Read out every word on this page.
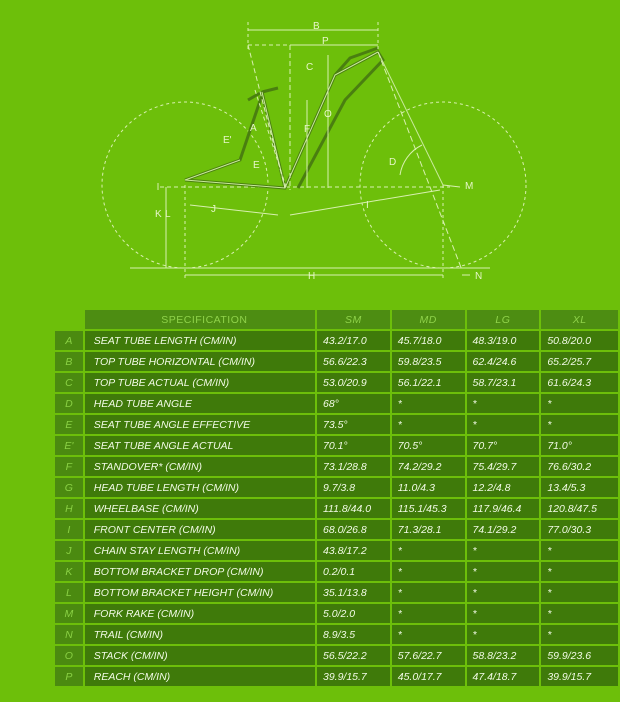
B
P
C
O
A	F
E'
E	D
M
J
K L
I
H	N
	SPECIFICATION	SM	MD	LG	XL
A	SEAT TUBE LENGTH (CM/IN)	43.2/17.0	45.7/18.0	48.3/19.0	50.8/20.0
B	TOP TUBE HORIZONTAL (CM/IN)	56.6/22.3	59.8/23.5	62.4/24.6	65.2/25.7
C	TOP TUBE ACTUAL (CM/IN)	53.0/20.9	56.1/22.1	58.7/23.1	61.6/24.3
D	HEAD TUBE ANGLE	68°	*	*	*
E	SEAT TUBE ANGLE EFFECTIVE	73.5°	*	*	*
E'	SEAT TUBE ANGLE ACTUAL	70.1°	70.5°	70.7°	71.0°
F	STANDOVER* (CM/IN)	73.1/28.8	74.2/29.2	75.4/29.7	76.6/30.2
G	HEAD TUBE LENGTH (CM/IN)	9.7/3.8	11.0/4.3	12.2/4.8	13.4/5.3
H	WHEELBASE (CM/IN)	111.8/44.0	115.1/45.3	117.9/46.4	120.8/47.5
I	FRONT CENTER (CM/IN)	68.0/26.8	71.3/28.1	74.1/29.2	77.0/30.3
J	CHAIN STAY LENGTH (CM/IN)	43.8/17.2	*	*	*
K	BOTTOM BRACKET DROP (CM/IN)	0.2/0.1	*	*	*
L	BOTTOM BRACKET HEIGHT (CM/IN)	35.1/13.8	*	*	*
M	FORK RAKE (CM/IN)	5.0/2.0	*	*	*
N	TRAIL (CM/IN)	8.9/3.5	*	*	*
O	STACK (CM/IN)	56.5/22.2	57.6/22.7	58.8/23.2	59.9/23.6
P	REACH (CM/IN)	39.9/15.7	45.0/17.7	47.4/18.7	39.9/15.7
